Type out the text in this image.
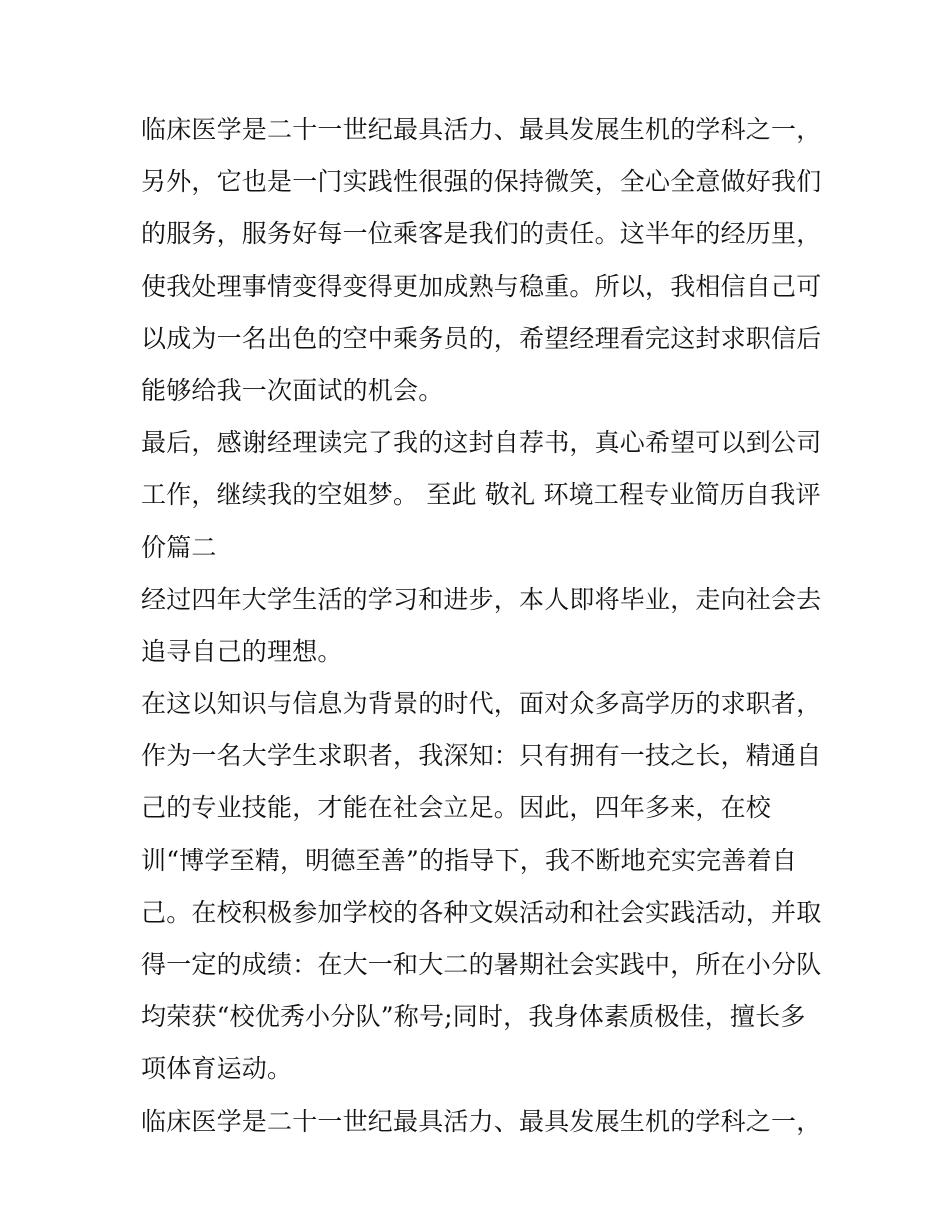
临床医学是二十一世纪最具活力、最具发展生机的学科之一，
另外，它也是一门实践性很强的保持微笑，全心全意做好我们
的服务，服务好每一位乘客是我们的责任。这半年的经历里，
使我处理事情变得变得更加成熟与稳重。所以，我相信自己可
以成为一名出色的空中乘务员的，希望经理看完这封求职信后
能够给我一次面试的机会。
最后，感谢经理读完了我的这封自荐书，真心希望可以到公司
工作，继续我的空姐梦。 至此 敬礼 环境工程专业简历自我评
价篇二
经过四年大学生活的学习和进步，本人即将毕业，走向社会去
追寻自己的理想。
在这以知识与信息为背景的时代，面对众多高学历的求职者，
作为一名大学生求职者，我深知：只有拥有一技之长，精通自
己的专业技能，才能在社会立足。因此，四年多来，在校
训“博学至精，明德至善”的指导下，我不断地充实完善着自
己。在校积极参加学校的各种文娱活动和社会实践活动，并取
得一定的成绩：在大一和大二的暑期社会实践中，所在小分队
均荣获“校优秀小分队”称号;同时，我身体素质极佳，擅长多
项体育运动。
临床医学是二十一世纪最具活力、最具发展生机的学科之一，
